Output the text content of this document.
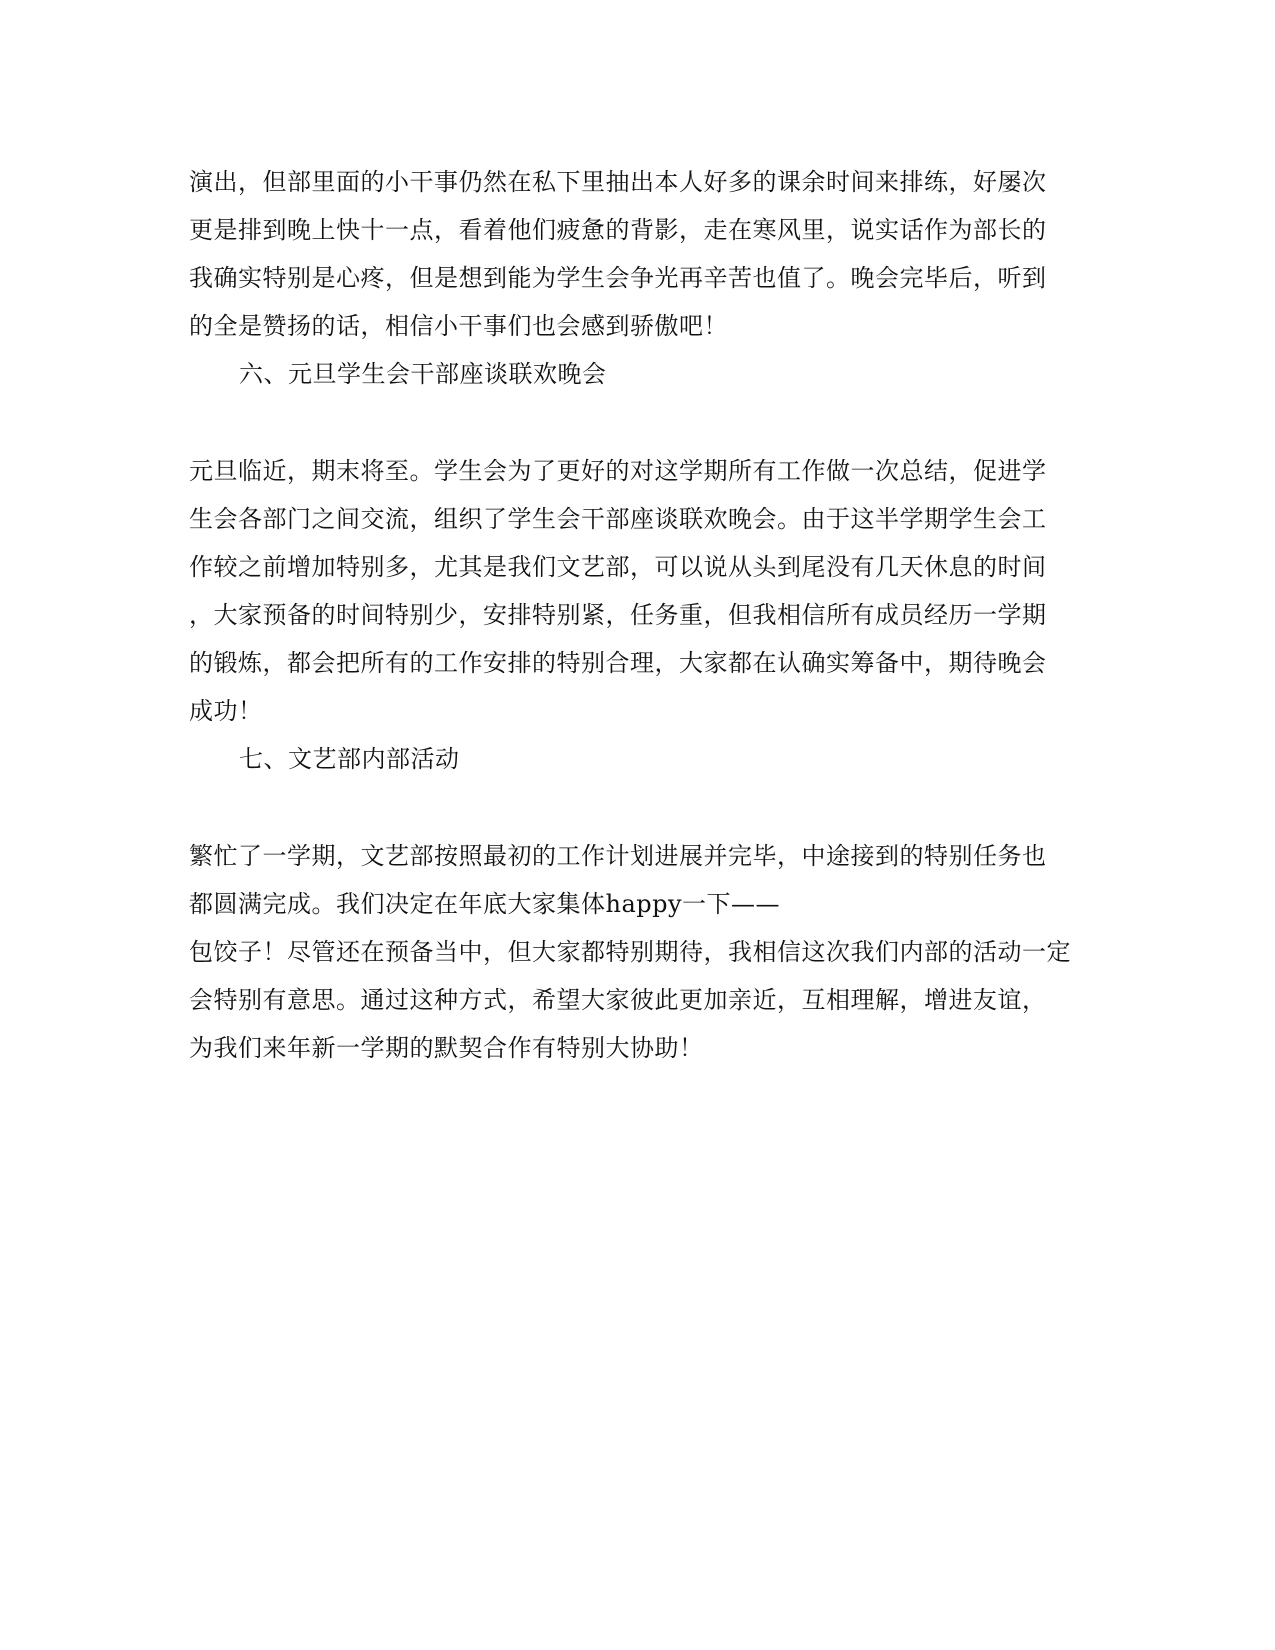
演出，但部里面的小干事仍然在私下里抽出本人好多的课余时间来排练，好屡次
更是排到晚上快十一点，看着他们疲惫的背影，走在寒风里，说实话作为部长的
我确实特别是心疼，但是想到能为学生会争光再辛苦也值了。晚会完毕后，听到
的全是赞扬的话，相信小干事们也会感到骄傲吧！
六、元旦学生会干部座谈联欢晚会
元旦临近，期末将至。学生会为了更好的对这学期所有工作做一次总结，促进学
生会各部门之间交流，组织了学生会干部座谈联欢晚会。由于这半学期学生会工
作较之前增加特别多，尤其是我们文艺部，可以说从头到尾没有几天休息的时间
，大家预备的时间特别少，安排特别紧，任务重，但我相信所有成员经历一学期
的锻炼，都会把所有的工作安排的特别合理，大家都在认确实筹备中，期待晚会
成功！
七、文艺部内部活动
繁忙了一学期，文艺部按照最初的工作计划进展并完毕，中途接到的特别任务也
都圆满完成。我们决定在年底大家集体happy一下——
包饺子！尽管还在预备当中，但大家都特别期待，我相信这次我们内部的活动一定
会特别有意思。通过这种方式，希望大家彼此更加亲近，互相理解，增进友谊，
为我们来年新一学期的默契合作有特别大协助！
